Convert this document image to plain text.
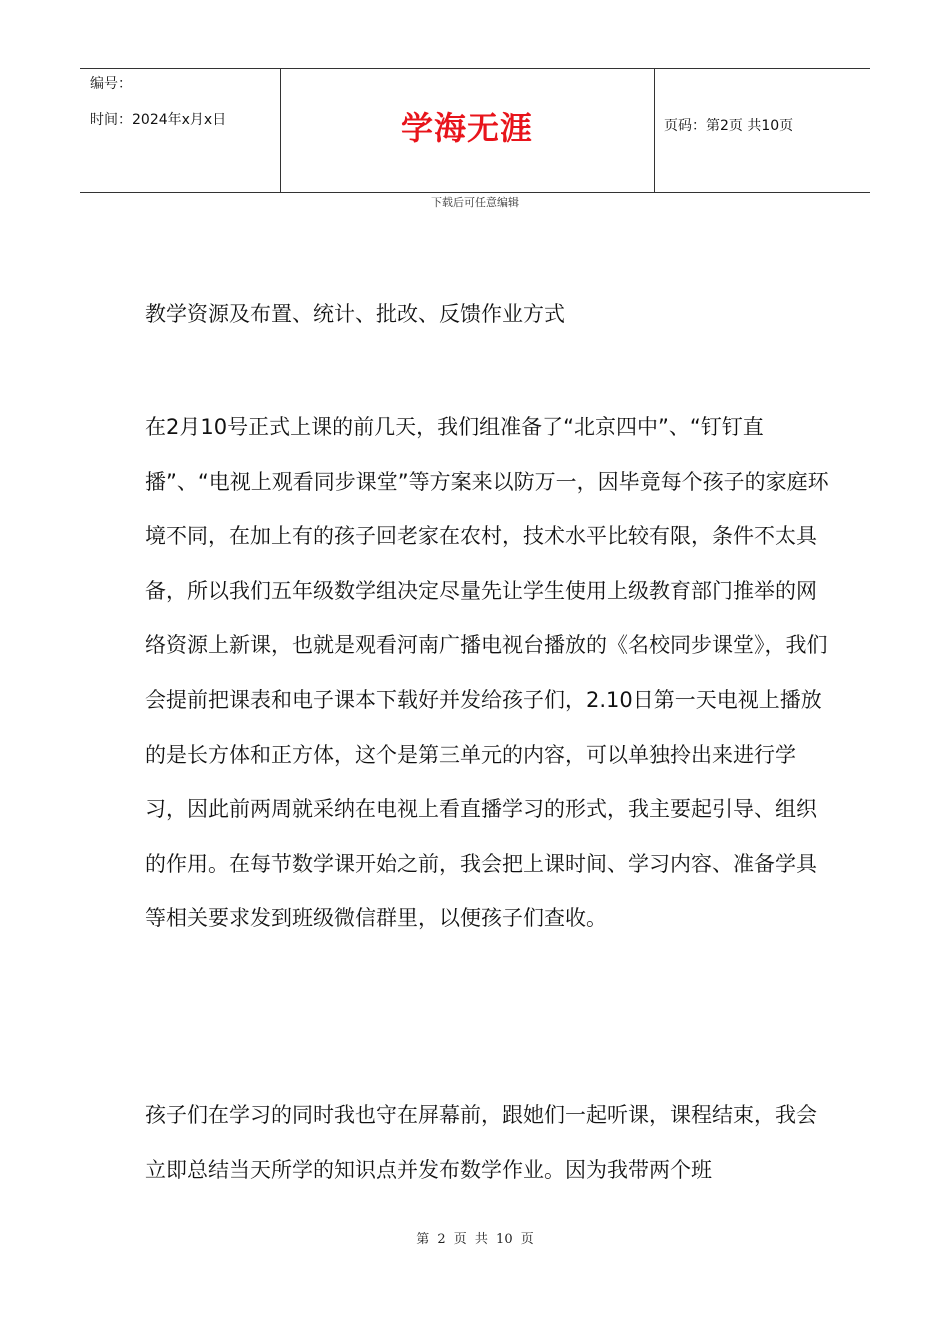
编号：
时间：2024年x月x日	学海无涯	页码：第2页 共10页
下载后可任意编辑
教学资源及布置、统计、批改、反馈作业方式

在2月10号正式上课的前几天，我们组准备了“北京四中”、“钉钉直播”、“电视上观看同步课堂”等方案来以防万一，因毕竟每个孩子的家庭环境不同，在加上有的孩子回老家在农村，技术水平比较有限，条件不太具备，所以我们五年级数学组决定尽量先让学生使用上级教育部门推举的网络资源上新课，也就是观看河南广播电视台播放的《名校同步课堂》，我们会提前把课表和电子课本下载好并发给孩子们，2.10日第一天电视上播放的是长方体和正方体，这个是第三单元的内容，可以单独拎出来进行学习，因此前两周就采纳在电视上看直播学习的形式，我主要起引导、组织的作用。在每节数学课开始之前，我会把上课时间、学习内容、准备学具等相关要求发到班级微信群里，以便孩子们查收。

孩子们在学习的同时我也守在屏幕前，跟她们一起听课，课程结束，我会立即总结当天所学的知识点并发布数学作业。因为我带两个班

第 2 页 共 10 页
